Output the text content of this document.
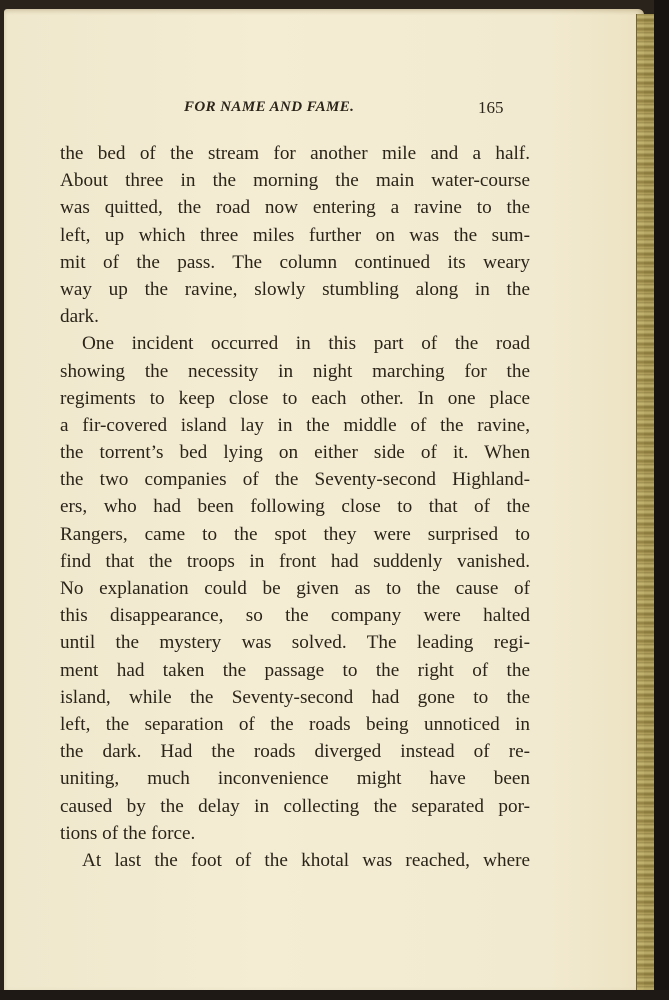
FOR NAME AND FAME.	165
the bed of the stream for another mile and a half.
About three in the morning the main water-course
was quitted, the road now entering a ravine to the
left, up which three miles further on was the sum-
mit of the pass. The column continued its weary
way up the ravine, slowly stumbling along in the
dark.
One incident occurred in this part of the road
showing the necessity in night marching for the
regiments to keep close to each other. In one place
a fir-covered island lay in the middle of the ravine,
the torrent’s bed lying on either side of it. When
the two companies of the Seventy-second Highland-
ers, who had been following close to that of the
Rangers, came to the spot they were surprised to
find that the troops in front had suddenly vanished.
No explanation could be given as to the cause of
this disappearance, so the company were halted
until the mystery was solved. The leading regi-
ment had taken the passage to the right of the
island, while the Seventy-second had gone to the
left, the separation of the roads being unnoticed in
the dark. Had the roads diverged instead of re-
uniting, much inconvenience might have been
caused by the delay in collecting the separated por-
tions of the force.
At last the foot of the khotal was reached, where
